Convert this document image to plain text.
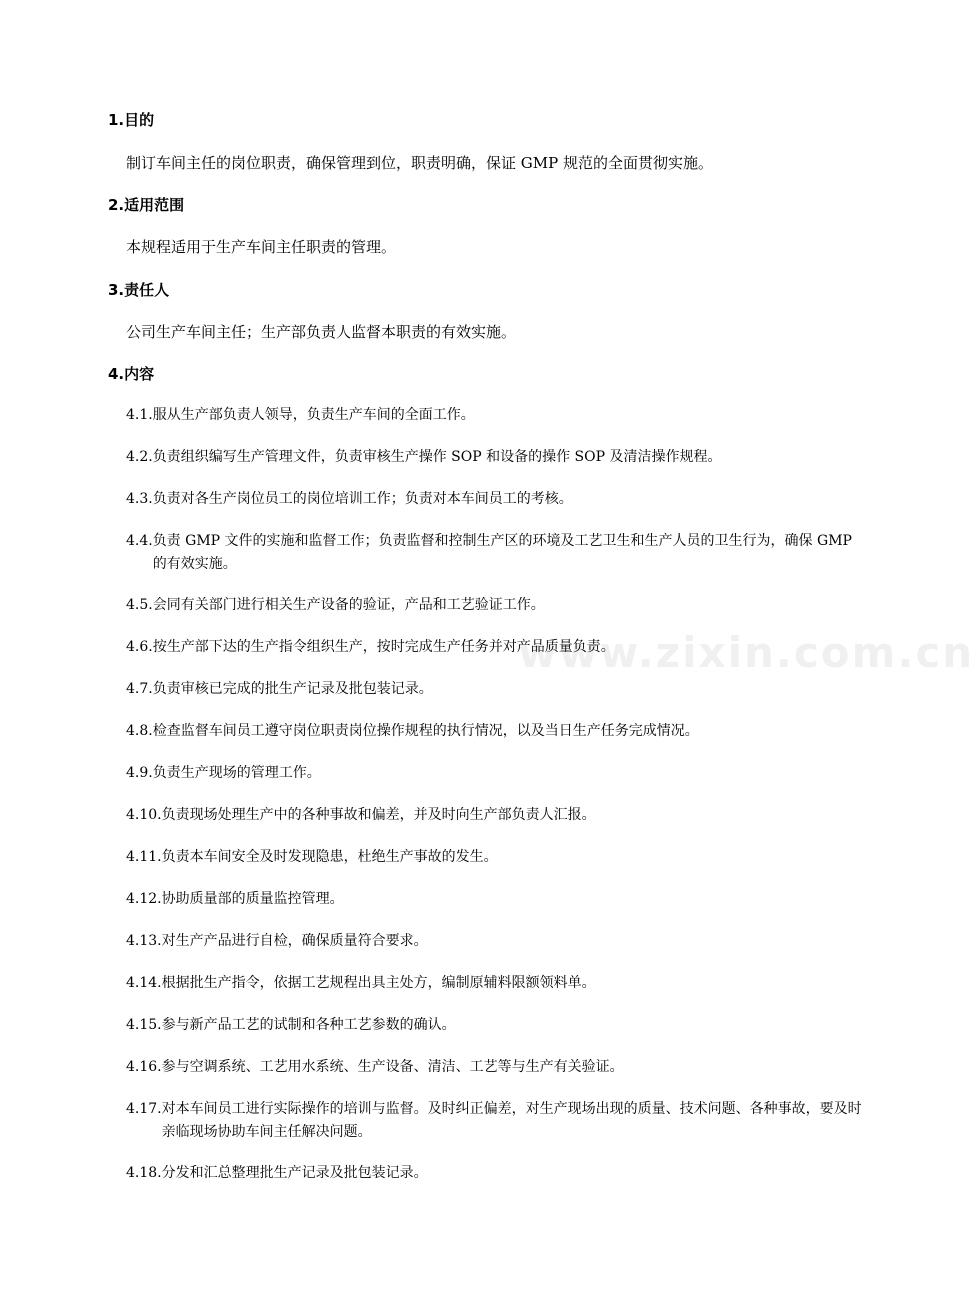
www.zixin.com.cn
1.目的
制订车间主任的岗位职责，确保管理到位，职责明确，保证 GMP 规范的全面贯彻实施。
2.适用范围
本规程适用于生产车间主任职责的管理。
3.责任人
公司生产车间主任；生产部负责人监督本职责的有效实施。
4.内容
4.1. 服从生产部负责人领导，负责生产车间的全面工作。
4.2. 负责组织编写生产管理文件，负责审核生产操作 SOP 和设备的操作 SOP 及清洁操作规程。
4.3. 负责对各生产岗位员工的岗位培训工作；负责对本车间员工的考核。
4.4. 负责 GMP 文件的实施和监督工作；负责监督和控制生产区的环境及工艺卫生和生产人员的卫生行为，确保 GMP 的有效实施。
4.5. 会同有关部门进行相关生产设备的验证，产品和工艺验证工作。
4.6. 按生产部下达的生产指令组织生产，按时完成生产任务并对产品质量负责。
4.7. 负责审核已完成的批生产记录及批包装记录。
4.8. 检查监督车间员工遵守岗位职责岗位操作规程的执行情况，以及当日生产任务完成情况。
4.9. 负责生产现场的管理工作。
4.10. 负责现场处理生产中的各种事故和偏差，并及时向生产部负责人汇报。
4.11. 负责本车间安全及时发现隐患，杜绝生产事故的发生。
4.12. 协助质量部的质量监控管理。
4.13. 对生产产品进行自检，确保质量符合要求。
4.14. 根据批生产指令，依据工艺规程出具主处方，编制原辅料限额领料单。
4.15. 参与新产品工艺的试制和各种工艺参数的确认。
4.16. 参与空调系统、工艺用水系统、生产设备、清洁、工艺等与生产有关验证。
4.17. 对本车间员工进行实际操作的培训与监督。及时纠正偏差，对生产现场出现的质量、技术问题、各种事故，要及时亲临现场协助车间主任解决问题。
4.18. 分发和汇总整理批生产记录及批包装记录。
